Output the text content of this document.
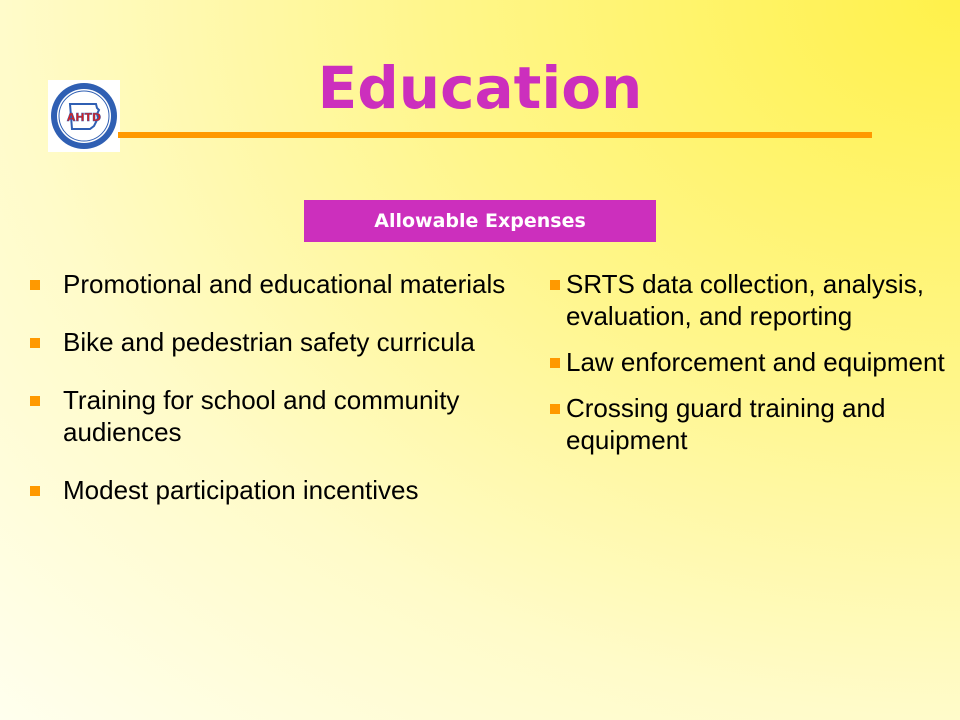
AHTD	Education
Allowable Expenses
Promotional and educational materials
Bike and pedestrian safety curricula
Training for school and community audiences
Modest participation incentives
SRTS data collection, analysis, evaluation, and reporting
Law enforcement and equipment
Crossing guard training and equipment
